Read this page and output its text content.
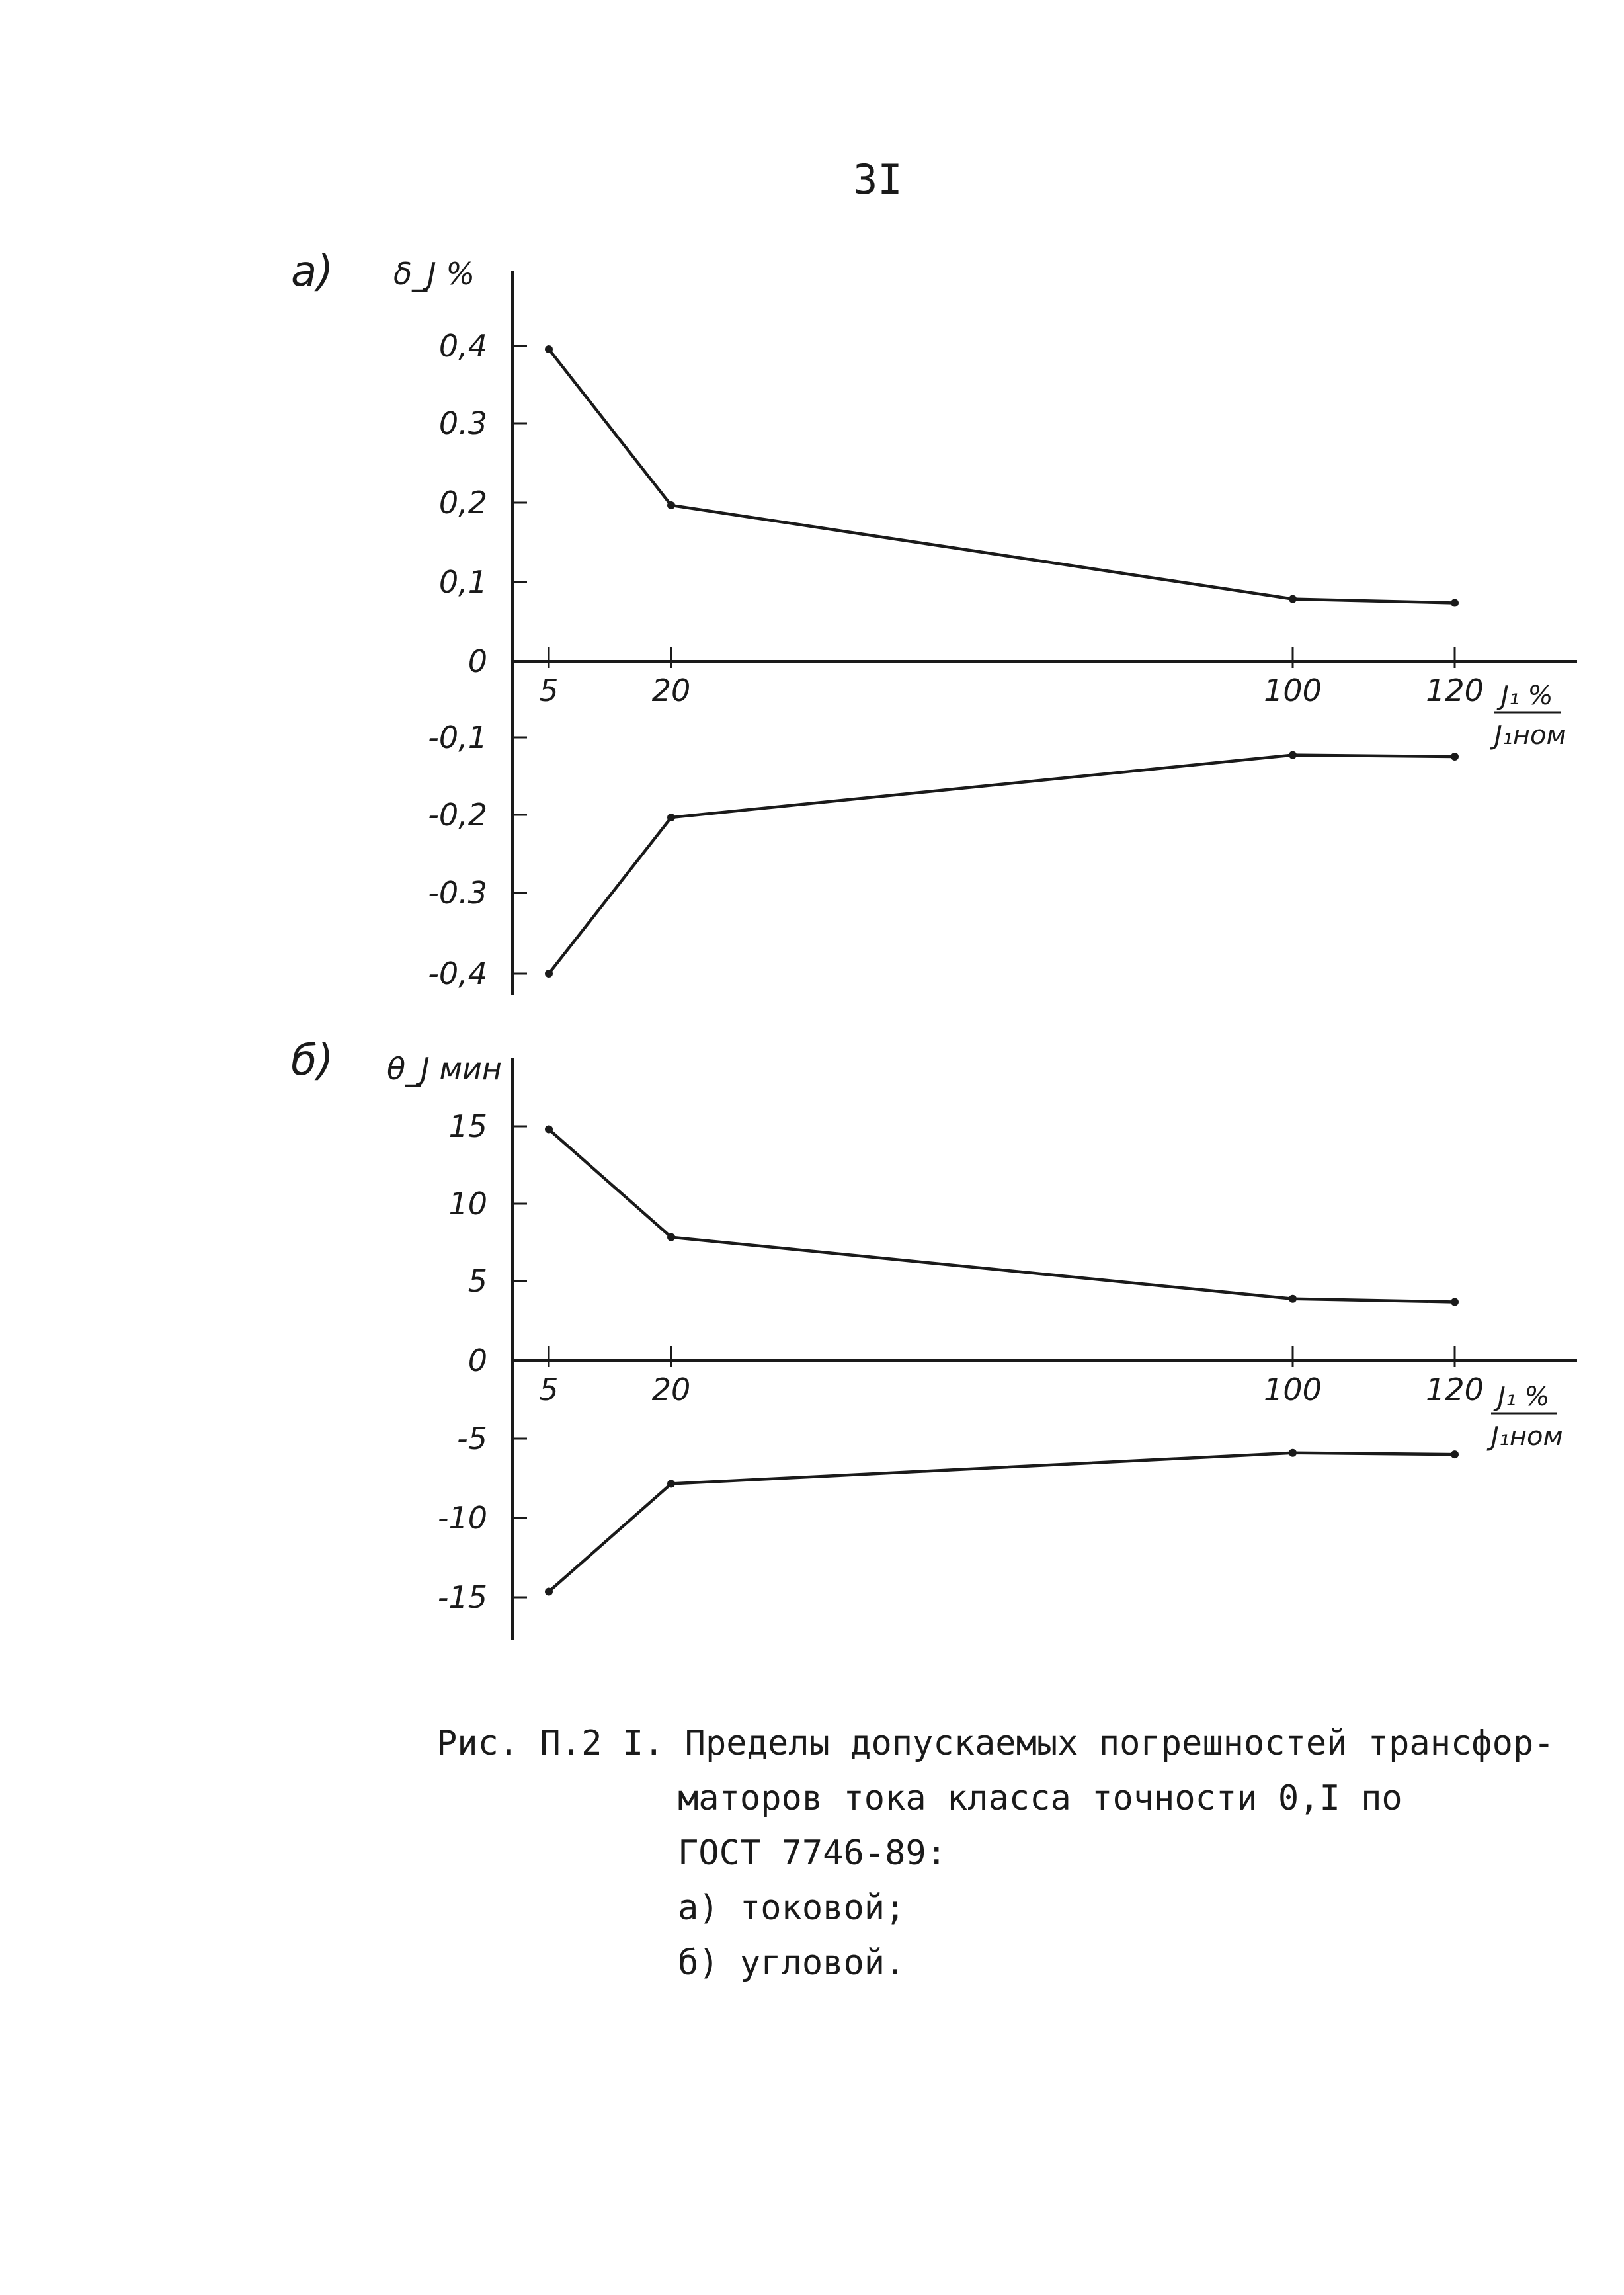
3I
a)
0,4
0.3
0,2
0,1
0
-0,1
-0,2
-0.3
-0,4
5	20	100	120
δ_J %
J₁ %
J₁ном
б)
15
10
5
0
-5
-10
-15
5	20	100	120
θ_J мин
J₁ %
J₁ном
Рис. П.2 I. Пределы допускаемых погрешностей трансфор-
маторов тока класса точности 0,I по
ГОСТ 7746-89:
а) токовой;
б) угловой.
